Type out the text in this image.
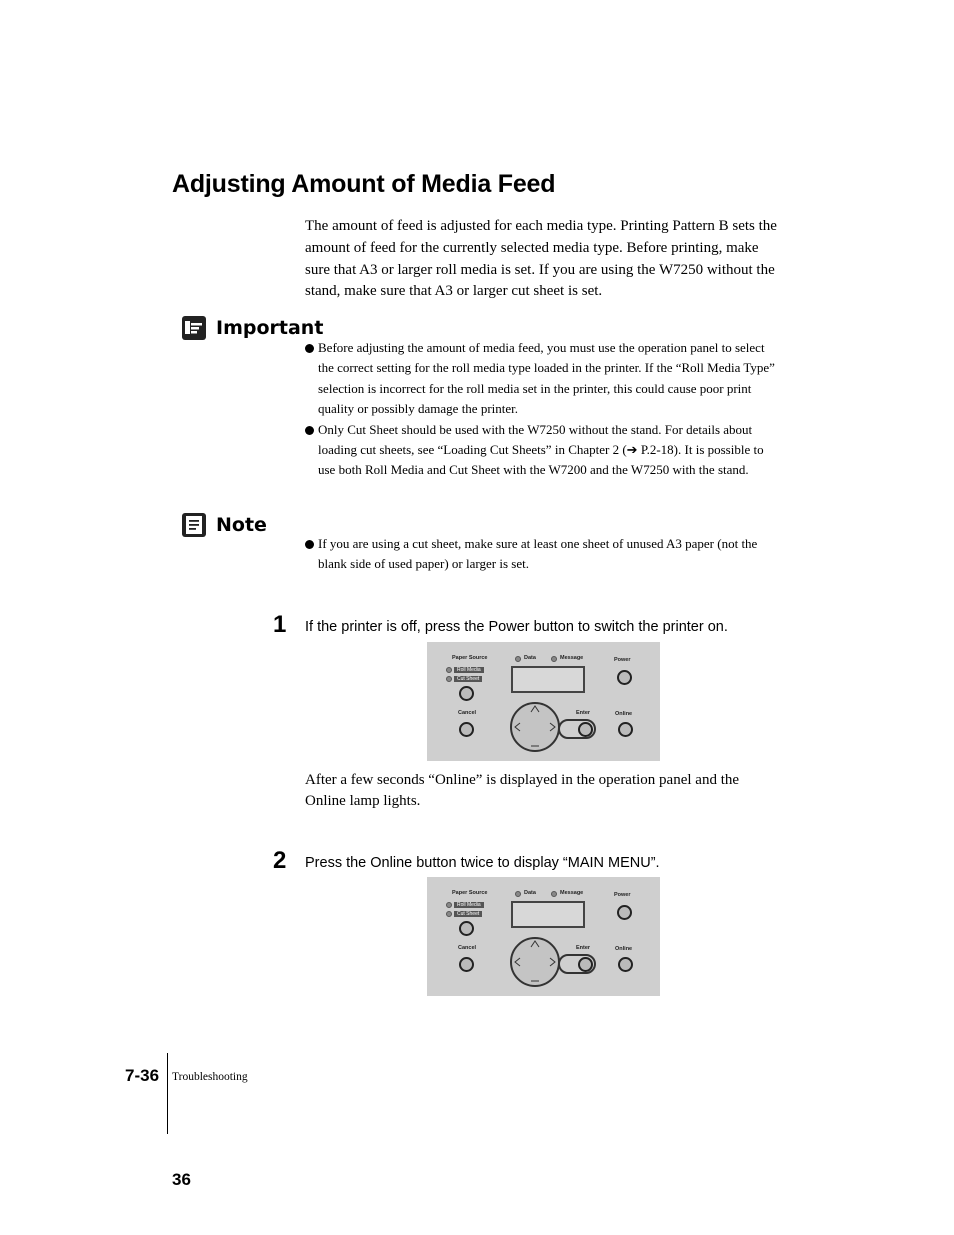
Adjusting Amount of Media Feed

The amount of feed is adjusted for each media type. Printing Pattern B sets the amount of feed for the currently selected media type. Before printing, make sure that A3 or larger roll media is set. If you are using the W7250 without the stand, make sure that A3 or larger cut sheet is set.

Important
Before adjusting the amount of media feed, you must use the operation panel to select the correct setting for the roll media type loaded in the printer. If the “Roll Media Type” selection is incorrect for the roll media set in the printer, this could cause poor print quality or possibly damage the printer.
Only Cut Sheet should be used with the W7250 without the stand. For details about loading cut sheets, see “Loading Cut Sheets” in Chapter 2 (➔ P.2-18). It is possible to use both Roll Media and Cut Sheet with the W7200 and the W7250 with the stand.
Note
If you are using a cut sheet, make sure at least one sheet of unused A3 paper (not the blank side of used paper) or larger is set.
1 If the printer is off, press the Power button to switch the printer on.
Paper Source
Roll Media
Cut Sheet
Data	Message	Power
Cancel	Enter	Online

After a few seconds “Online” is displayed in the operation panel and the Online lamp lights.

2 Press the Online button twice to display “MAIN MENU”.
Paper Source
Roll Media
Cut Sheet
Data	Message	Power
Cancel	Enter	Online
7-36 Troubleshooting
36
